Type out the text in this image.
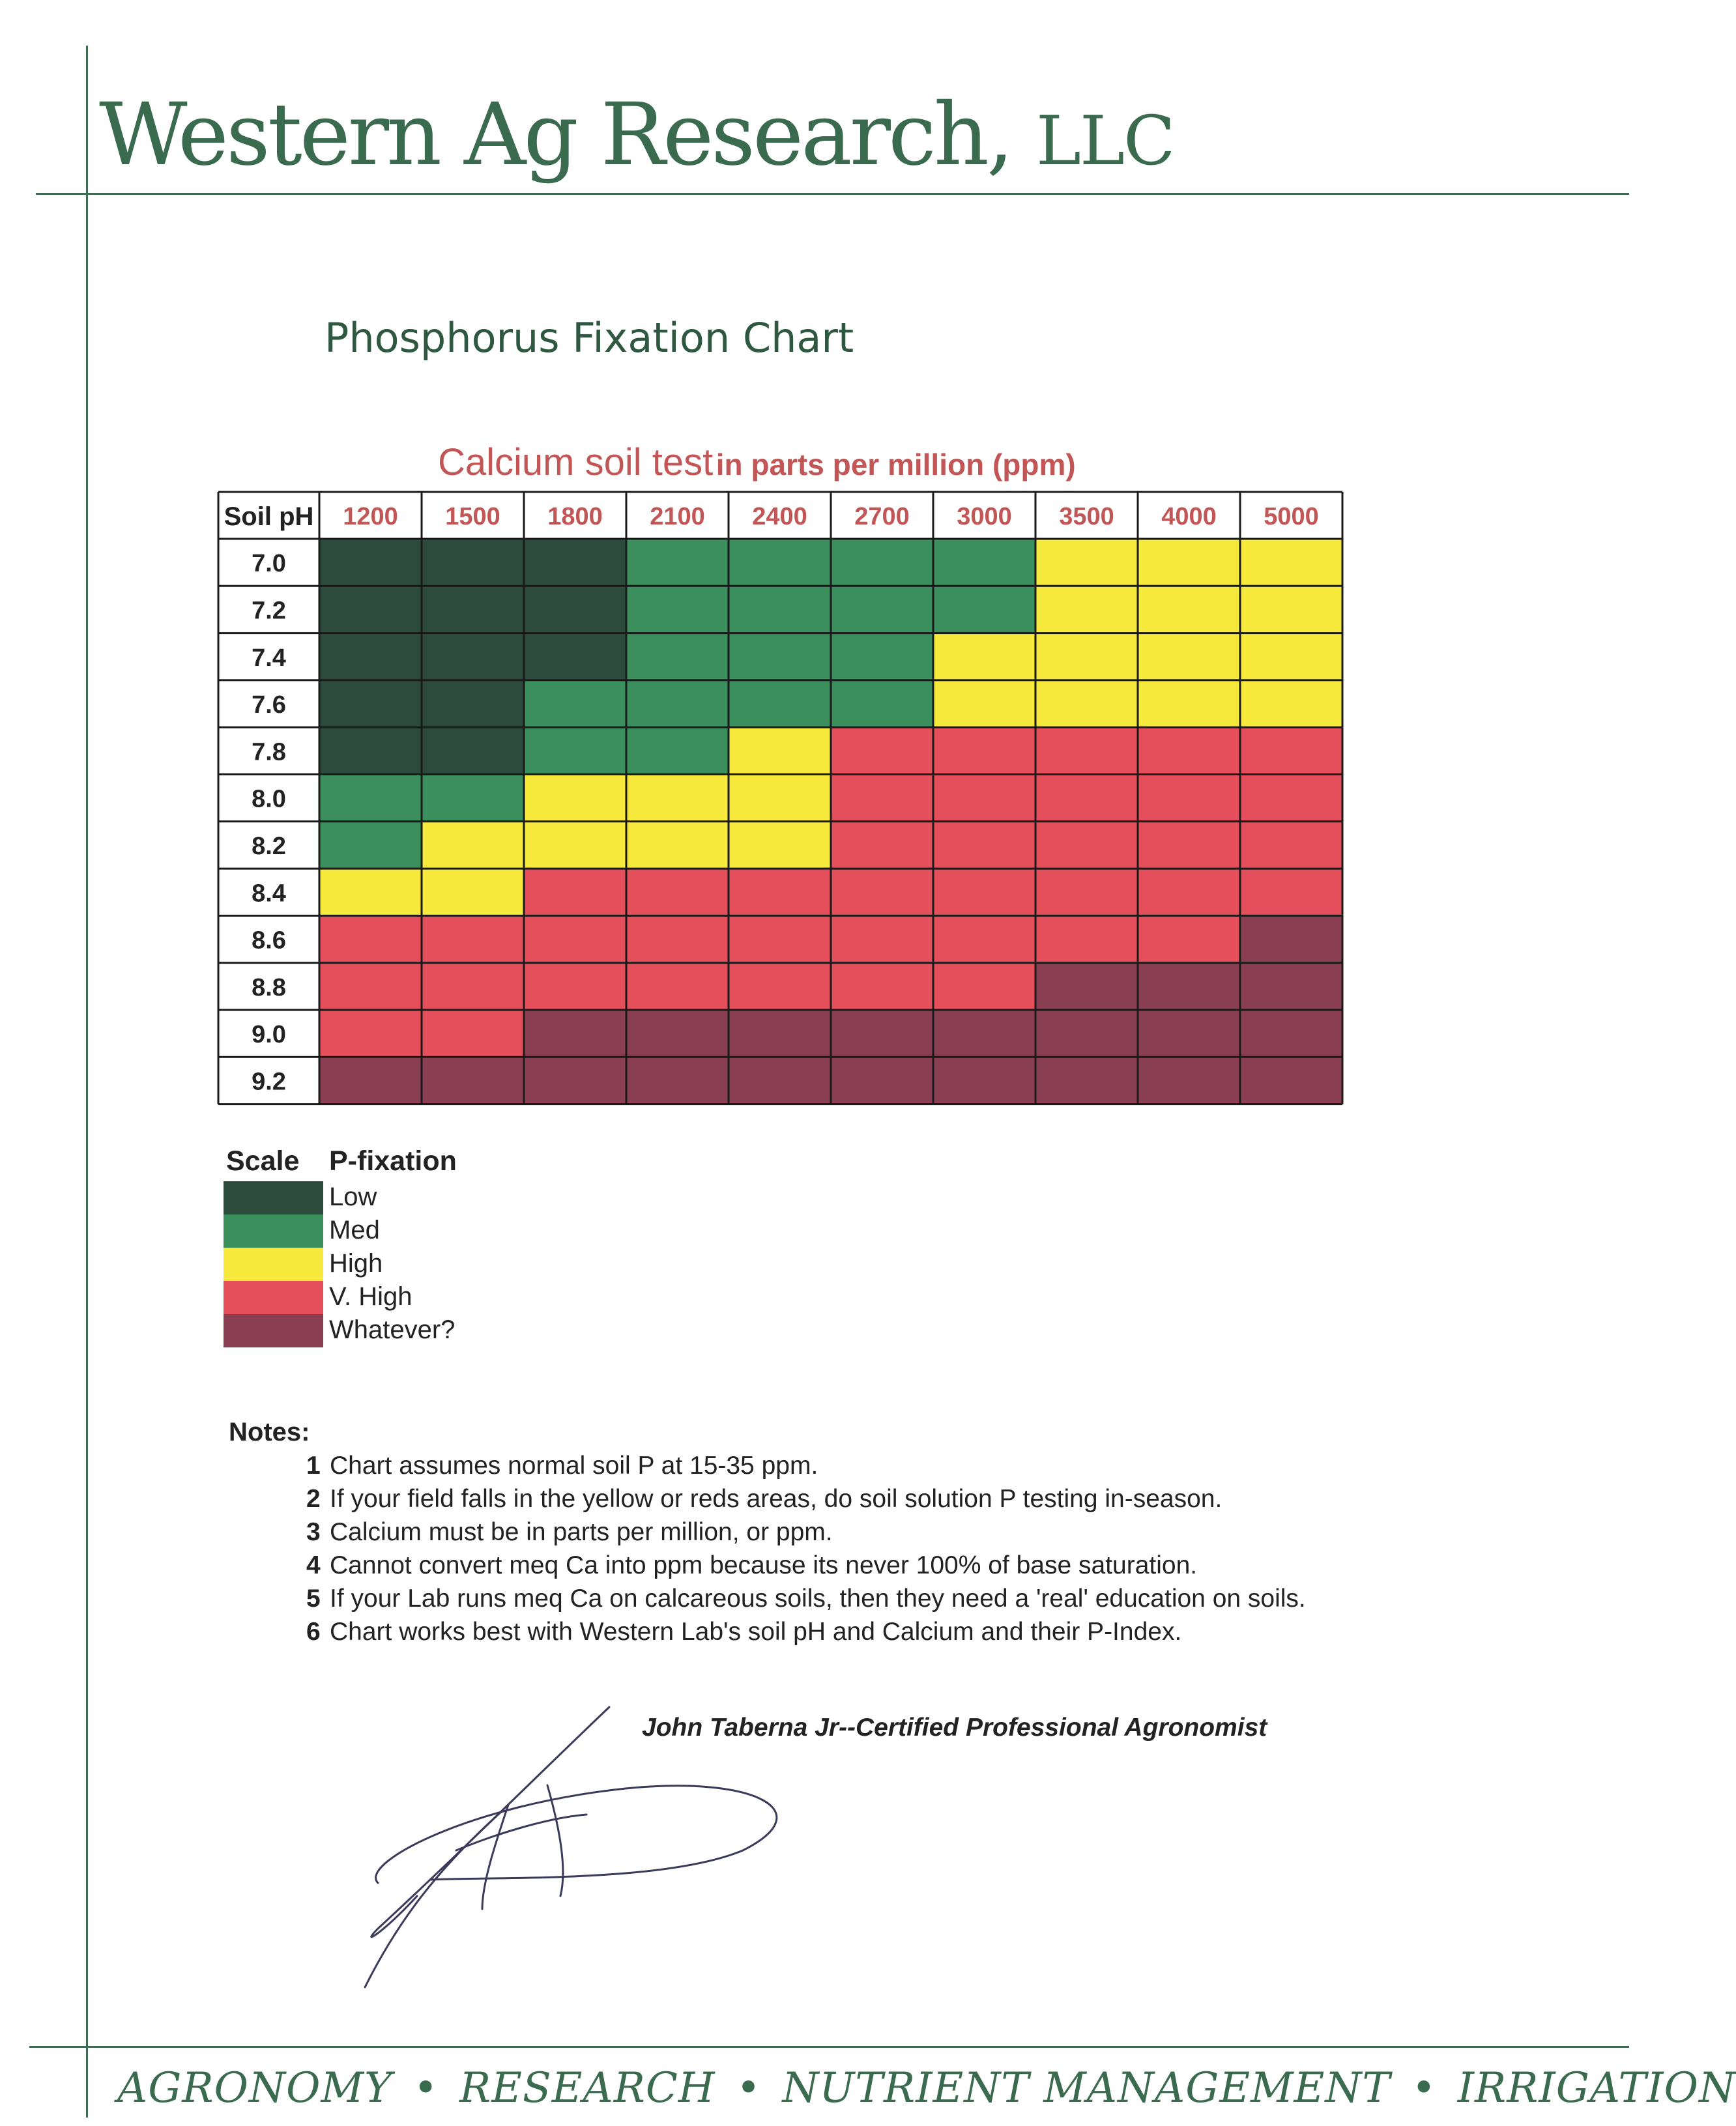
Western Ag Research, LLC
Phosphorus Fixation Chart
Calcium soil test in parts per million (ppm)
Soil pH 1200 1500 1800 2100 2400 2700 3000 3500 4000 5000
7.0
7.2
7.4
7.6
7.8
8.0
8.2
8.4
8.6
8.8
9.0
9.2
Scale P-fixation
Low
Med
High
V. High
Whatever?
Notes:
1 Chart assumes normal soil P at 15-35 ppm.
2 If your field falls in the yellow or reds areas, do soil solution P testing in-season.
3 Calcium must be in parts per million, or ppm.
4 Cannot convert meq Ca into ppm because its never 100% of base saturation.
5 If your Lab runs meq Ca on calcareous soils, then they need a 'real' education on soils.
6 Chart works best with Western Lab's soil pH and Calcium and their P-Index.
John Taberna Jr--Certified Professional Agronomist
AGRONOMY • RESEARCH • NUTRIENT MANAGEMENT • IRRIGATION
